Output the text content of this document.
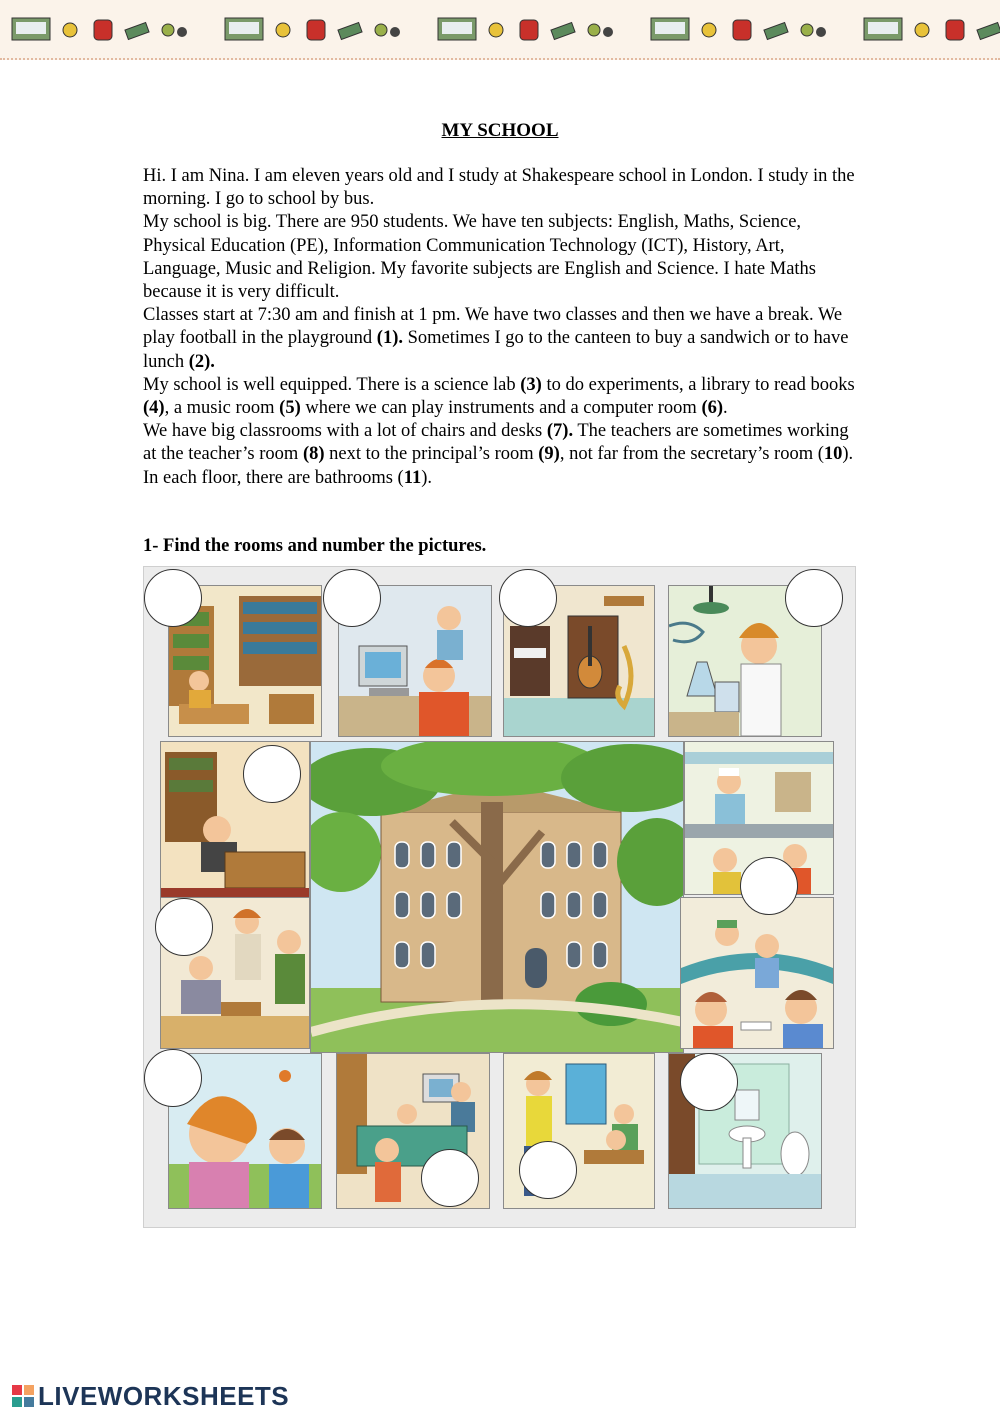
MY SCHOOL

Hi. I am Nina. I am eleven years old and I study at Shakespeare school in London. I study in the morning. I go to school by bus.

My school is big. There are 950 students. We have ten subjects: English, Maths, Science, Physical Education (PE), Information Communication Technology (ICT), History, Art, Language, Music and Religion. My favorite subjects are English and Science. I hate Maths because it is very difficult.

Classes start at 7:30 am and finish at 1 pm. We have two classes and then we have a break. We play football in the playground (1). Sometimes I go to the canteen to buy a sandwich or to have lunch (2).

My school is well equipped. There is a science lab (3) to do experiments, a library to read books (4), a music room (5) where we can play instruments and a computer room (6).

We have big classrooms with a lot of chairs and desks (7). The teachers are sometimes working at the teacher’s room (8) next to the principal’s room (9), not far from the secretary’s room (10). In each floor, there are bathrooms (11).

1- Find the rooms and number the pictures.
LIVEWORKSHEETS
